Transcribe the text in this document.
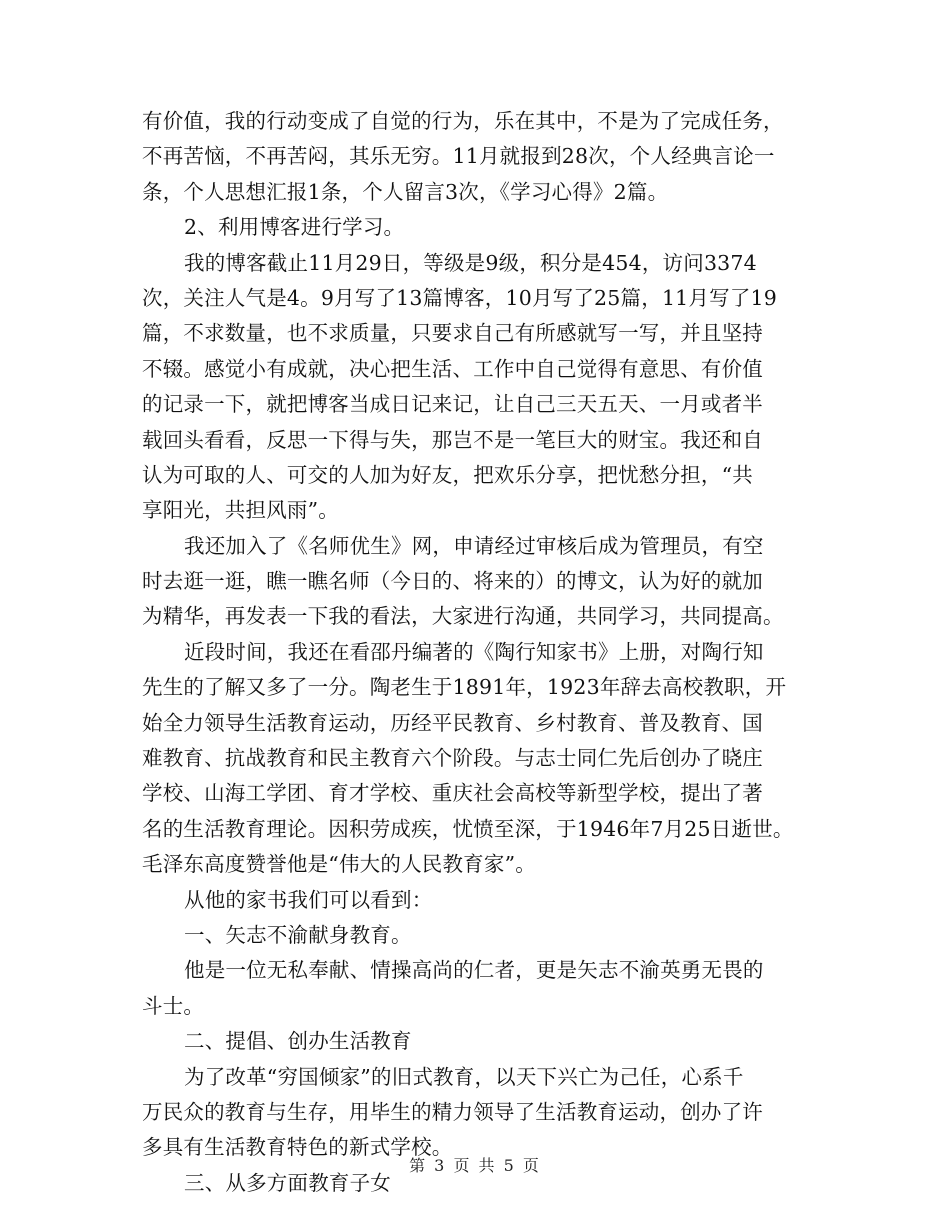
有价值，我的行动变成了自觉的行为，乐在其中，不是为了完成任务，
不再苦恼，不再苦闷，其乐无穷。11月就报到28次，个人经典言论一
条，个人思想汇报1条，个人留言3次，《学习心得》2篇。
2、利用博客进行学习。
我的博客截止11月29日，等级是9级，积分是454，访问3374
次，关注人气是4。9月写了13篇博客，10月写了25篇，11月写了19
篇，不求数量，也不求质量，只要求自己有所感就写一写，并且坚持
不辍。感觉小有成就，决心把生活、工作中自己觉得有意思、有价值
的记录一下，就把博客当成日记来记，让自己三天五天、一月或者半
载回头看看，反思一下得与失，那岂不是一笔巨大的财宝。我还和自
认为可取的人、可交的人加为好友，把欢乐分享，把忧愁分担，“共
享阳光，共担风雨”。
我还加入了《名师优生》网，申请经过审核后成为管理员，有空
时去逛一逛，瞧一瞧名师（今日的、将来的）的博文，认为好的就加
为精华，再发表一下我的看法，大家进行沟通，共同学习，共同提高。
近段时间，我还在看邵丹编著的《陶行知家书》上册，对陶行知
先生的了解又多了一分。陶老生于1891年，1923年辞去高校教职，开
始全力领导生活教育运动，历经平民教育、乡村教育、普及教育、国
难教育、抗战教育和民主教育六个阶段。与志士同仁先后创办了晓庄
学校、山海工学团、育才学校、重庆社会高校等新型学校，提出了著
名的生活教育理论。因积劳成疾，忧愤至深，于1946年7月25日逝世。
毛泽东高度赞誉他是“伟大的人民教育家”。
从他的家书我们可以看到：
一、矢志不渝献身教育。
他是一位无私奉献、情操高尚的仁者，更是矢志不渝英勇无畏的
斗士。
二、提倡、创办生活教育
为了改革“穷国倾家”的旧式教育，以天下兴亡为己任，心系千
万民众的教育与生存，用毕生的精力领导了生活教育运动，创办了许
多具有生活教育特色的新式学校。
三、从多方面教育子女
第 3 页 共 5 页
